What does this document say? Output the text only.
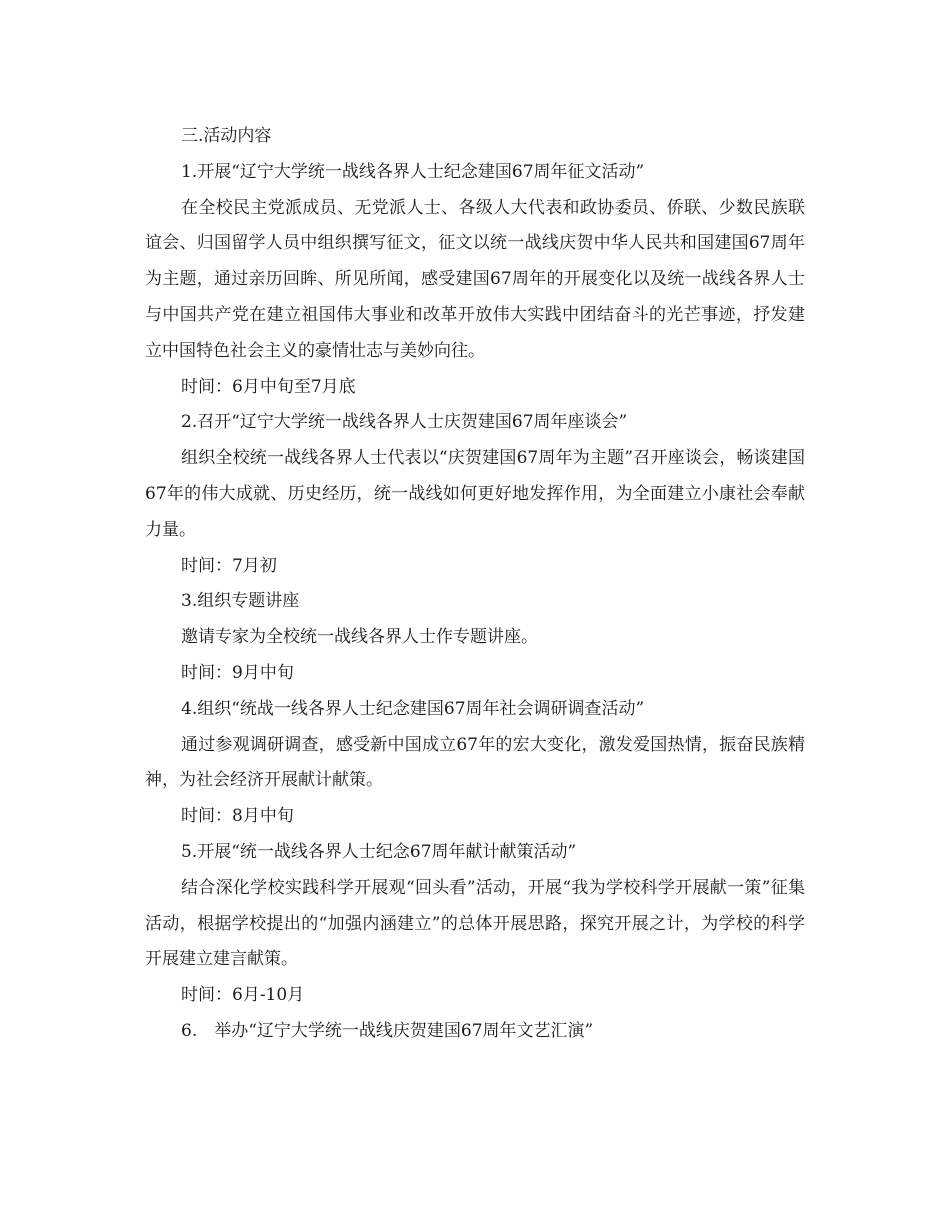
三.活动内容

1.开展“辽宁大学统一战线各界人士纪念建国67周年征文活动”

在全校民主党派成员、无党派人士、各级人大代表和政协委员、侨联、少数民族联谊会、归国留学人员中组织撰写征文，征文以统一战线庆贺中华人民共和国建国67周年为主题，通过亲历回眸、所见所闻，感受建国67周年的开展变化以及统一战线各界人士与中国共产党在建立祖国伟大事业和改革开放伟大实践中团结奋斗的光芒事迹，抒发建立中国特色社会主义的豪情壮志与美妙向往。

时间：6月中旬至7月底

2.召开“辽宁大学统一战线各界人士庆贺建国67周年座谈会”

组织全校统一战线各界人士代表以“庆贺建国67周年为主题”召开座谈会，畅谈建国67年的伟大成就、历史经历，统一战线如何更好地发挥作用，为全面建立小康社会奉献力量。

时间：7月初

3.组织专题讲座

邀请专家为全校统一战线各界人士作专题讲座。

时间：9月中旬

4.组织“统战一线各界人士纪念建国67周年社会调研调查活动”

通过参观调研调查，感受新中国成立67年的宏大变化，激发爱国热情，振奋民族精神，为社会经济开展献计献策。

时间：8月中旬

5.开展“统一战线各界人士纪念67周年献计献策活动”

结合深化学校实践科学开展观“回头看”活动，开展“我为学校科学开展献一策”征集活动，根据学校提出的“加强内涵建立”的总体开展思路，探究开展之计，为学校的科学开展建立建言献策。

时间：6月-10月

6.　举办“辽宁大学统一战线庆贺建国67周年文艺汇演”
